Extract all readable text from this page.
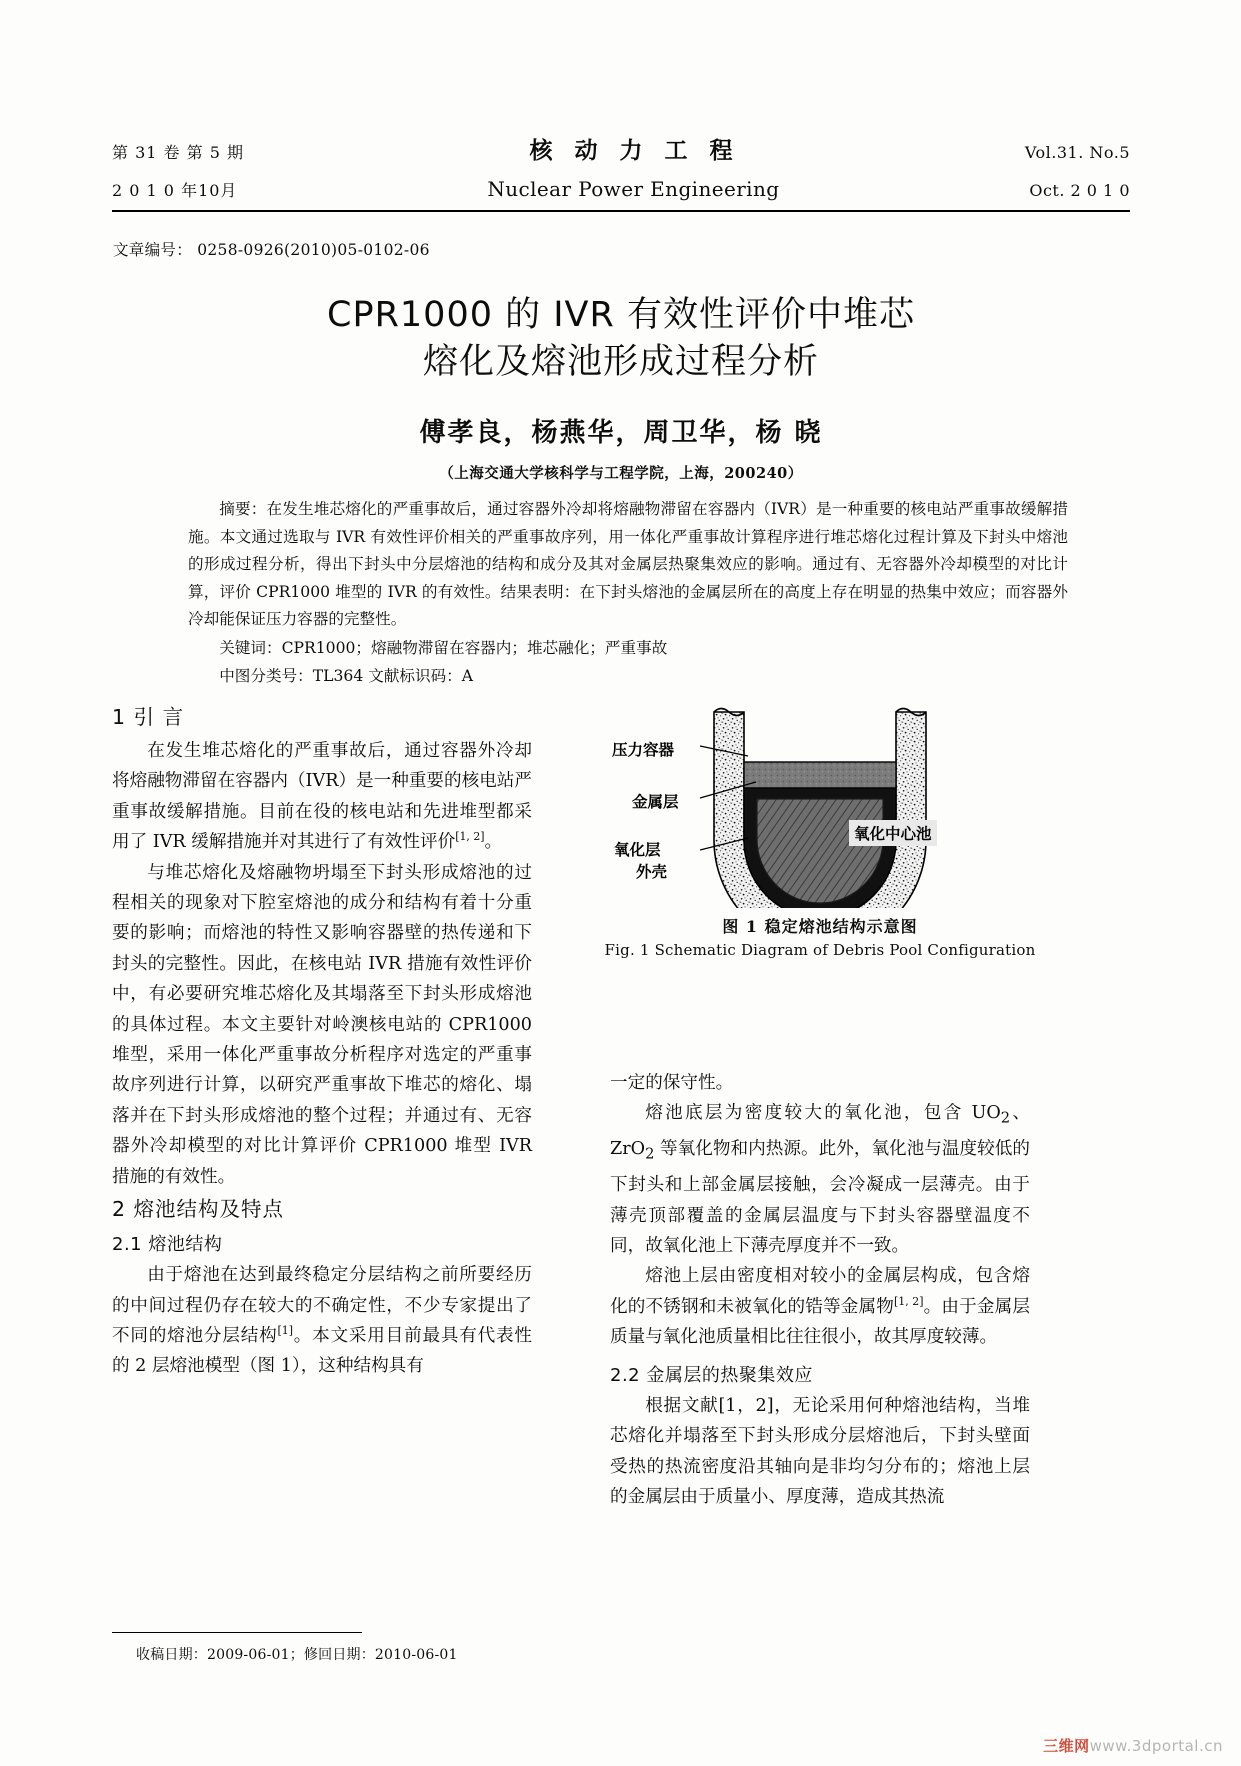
第 31 卷 第 5 期	核 动 力 工 程	Vol.31. No.5
2 0 1 0 年10月	Nuclear Power Engineering	Oct. 2 0 1 0
文章编号： 0258-0926(2010)05-0102-06
CPR1000 的 IVR 有效性评价中堆芯
熔化及熔池形成过程分析
傅孝良，杨燕华，周卫华，杨 晓
（上海交通大学核科学与工程学院，上海，200240）
摘要：在发生堆芯熔化的严重事故后，通过容器外冷却将熔融物滞留在容器内（IVR）是一种重要的核电站严重事故缓解措施。本文通过选取与 IVR 有效性评价相关的严重事故序列，用一体化严重事故计算程序进行堆芯熔化过程计算及下封头中熔池的形成过程分析，得出下封头中分层熔池的结构和成分及其对金属层热聚集效应的影响。通过有、无容器外冷却模型的对比计算，评价 CPR1000 堆型的 IVR 的有效性。结果表明：在下封头熔池的金属层所在的高度上存在明显的热集中效应；而容器外冷却能保证压力容器的完整性。
关键词：CPR1000；熔融物滞留在容器内；堆芯融化；严重事故
中图分类号：TL364 文献标识码：A
1 引 言

在发生堆芯熔化的严重事故后，通过容器外冷却将熔融物滞留在容器内（IVR）是一种重要的核电站严重事故缓解措施。目前在役的核电站和先进堆型都采用了 IVR 缓解措施并对其进行了有效性评价[1, 2]。

与堆芯熔化及熔融物坍塌至下封头形成熔池的过程相关的现象对下腔室熔池的成分和结构有着十分重要的影响；而熔池的特性又影响容器壁的热传递和下封头的完整性。因此，在核电站 IVR 措施有效性评价中，有必要研究堆芯熔化及其塌落至下封头形成熔池的具体过程。本文主要针对岭澳核电站的 CPR1000 堆型，采用一体化严重事故分析程序对选定的严重事故序列进行计算，以研究严重事故下堆芯的熔化、塌落并在下封头形成熔池的整个过程；并通过有、无容器外冷却模型的对比计算评价 CPR1000 堆型 IVR 措施的有效性。

2 熔池结构及特点
2.1 熔池结构

由于熔池在达到最终稳定分层结构之前所要经历的中间过程仍存在较大的不确定性，不少专家提出了不同的熔池分层结构[1]。本文采用目前最具有代表性的 2 层熔池模型（图 1），这种结构具有

压力容器
金属层
氧化层
外壳
氧化中心池
图 1 稳定熔池结构示意图
Fig. 1 Schematic Diagram of Debris Pool Configuration

一定的保守性。

熔池底层为密度较大的氧化池，包含 $UO_2$、ZrO$_2$ 等氧化物和内热源。此外，氧化池与温度较低的下封头和上部金属层接触，会冷凝成一层薄壳。由于薄壳顶部覆盖的金属层温度与下封头容器壁温度不同，故氧化池上下薄壳厚度并不一致。

熔池上层由密度相对较小的金属层构成，包含熔化的不锈钢和未被氧化的锆等金属物[1, 2]。由于金属层质量与氧化池质量相比往往很小，故其厚度较薄。

2.2 金属层的热聚集效应

根据文献[1，2]，无论采用何种熔池结构，当堆芯熔化并塌落至下封头形成分层熔池后，下封头壁面受热的热流密度沿其轴向是非均匀分布的；熔池上层的金属层由于质量小、厚度薄，造成其热流

收稿日期：2009-06-01；修回日期：2010-06-01
三维网www.3dportal.cn
